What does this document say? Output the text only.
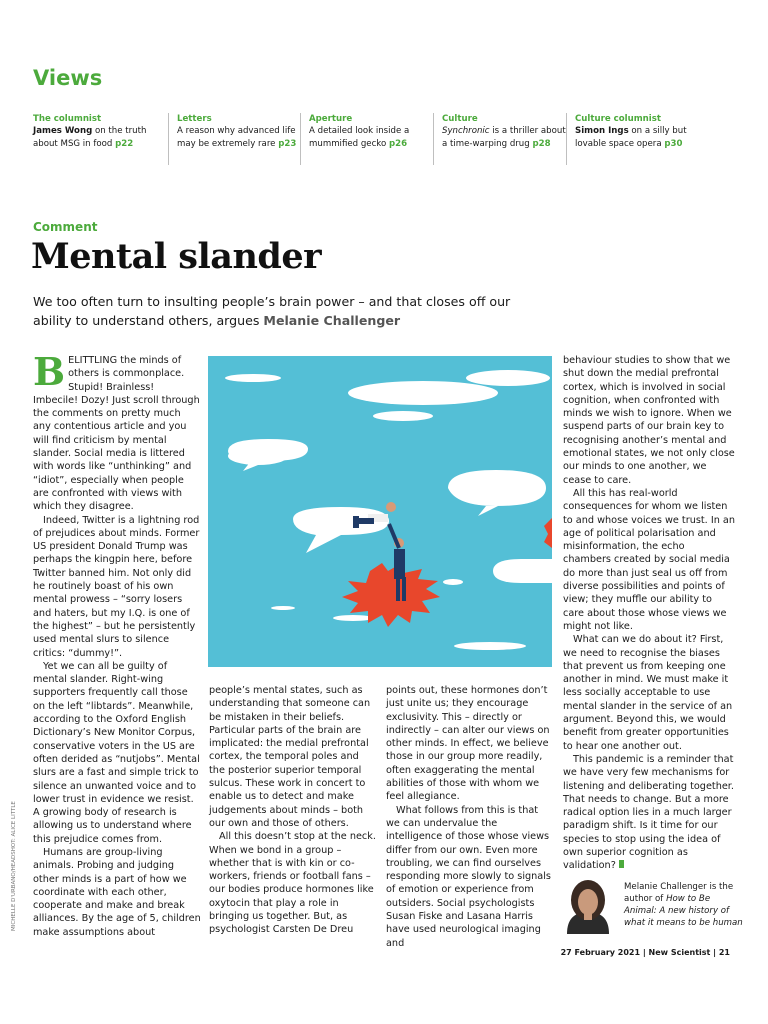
Views
The columnist
James Wong on the truth about MSG in food p22
Letters
A reason why advanced life may be extremely rare p23
Aperture
A detailed look inside a mummified gecko p26
Culture
Synchronic is a thriller about a time-warping drug p28
Culture columnist
Simon Ings on a silly but lovable space opera p30
Comment
Mental slander

We too often turn to insulting people’s brain power – and that closes off our ability to understand others, argues Melanie Challenger

BELITTLING the minds of others is commonplace. Stupid! Brainless! Imbecile! Dozy! Just scroll through the comments on pretty much any contentious article and you will find criticism by mental slander. Social media is littered with words like “unthinking” and “idiot”, especially when people are confronted with views with which they disagree.

Indeed, Twitter is a lightning rod of prejudices about minds. Former US president Donald Trump was perhaps the kingpin here, before Twitter banned him. Not only did he routinely boast of his own mental prowess – “sorry losers and haters, but my I.Q. is one of the highest” – but he persistently used mental slurs to silence critics: “dummy!”.

Yet we can all be guilty of mental slander. Right-wing supporters frequently call those on the left “libtards”. Meanwhile, according to the Oxford English Dictionary’s New Monitor Corpus, conservative voters in the US are often derided as “nutjobs”. Mental slurs are a fast and simple trick to silence an unwanted voice and to lower trust in evidence we resist.

A growing body of research is allowing us to understand where this prejudice comes from.

Humans are group-living animals. Probing and judging other minds is a part of how we coordinate with each other, cooperate and make and break alliances. By the age of 5, children make assumptions about

people’s mental states, such as understanding that someone can be mistaken in their beliefs. Particular parts of the brain are implicated: the medial prefrontal cortex, the temporal poles and the posterior superior temporal sulcus. These work in concert to enable us to detect and make judgements about minds – both our own and those of others.

All this doesn’t stop at the neck. When we bond in a group – whether that is with kin or co-workers, friends or football fans – our bodies produce hormones like oxytocin that play a role in bringing us together. But, as psychologist Carsten De Dreu

points out, these hormones don’t just unite us; they encourage exclusivity. This – directly or indirectly – can alter our views on other minds. In effect, we believe those in our group more readily, often exaggerating the mental abilities of those with whom we feel allegiance.

What follows from this is that we can undervalue the intelligence of those whose views differ from our own. Even more troubling, we can find ourselves responding more slowly to signals of emotion or experience from outsiders. Social psychologists Susan Fiske and Lasana Harris have used neurological imaging and

behaviour studies to show that we shut down the medial prefrontal cortex, which is involved in social cognition, when confronted with minds we wish to ignore. When we suspend parts of our brain key to recognising another’s mental and emotional states, we not only close our minds to one another, we cease to care.

All this has real-world consequences for whom we listen to and whose voices we trust. In an age of political polarisation and misinformation, the echo chambers created by social media do more than just seal us off from diverse possibilities and points of view; they muffle our ability to care about those whose views we might not like.

What can we do about it? First, we need to recognise the biases that prevent us from keeping one another in mind. We must make it less socially acceptable to use mental slander in the service of an argument. Beyond this, we would benefit from greater opportunities to hear one another out.

This pandemic is a reminder that we have very few mechanisms for listening and deliberating together. That needs to change. But a more radical option lies in a much larger paradigm shift. Is it time for our species to stop using the idea of own superior cognition as validation?

MICHELLE D'URBANO/HEADSHOT: ALICE LITTLE	Melanie Challenger is the author of How to Be Animal: A new history of what it means to be human
27 February 2021 | New Scientist | 21
